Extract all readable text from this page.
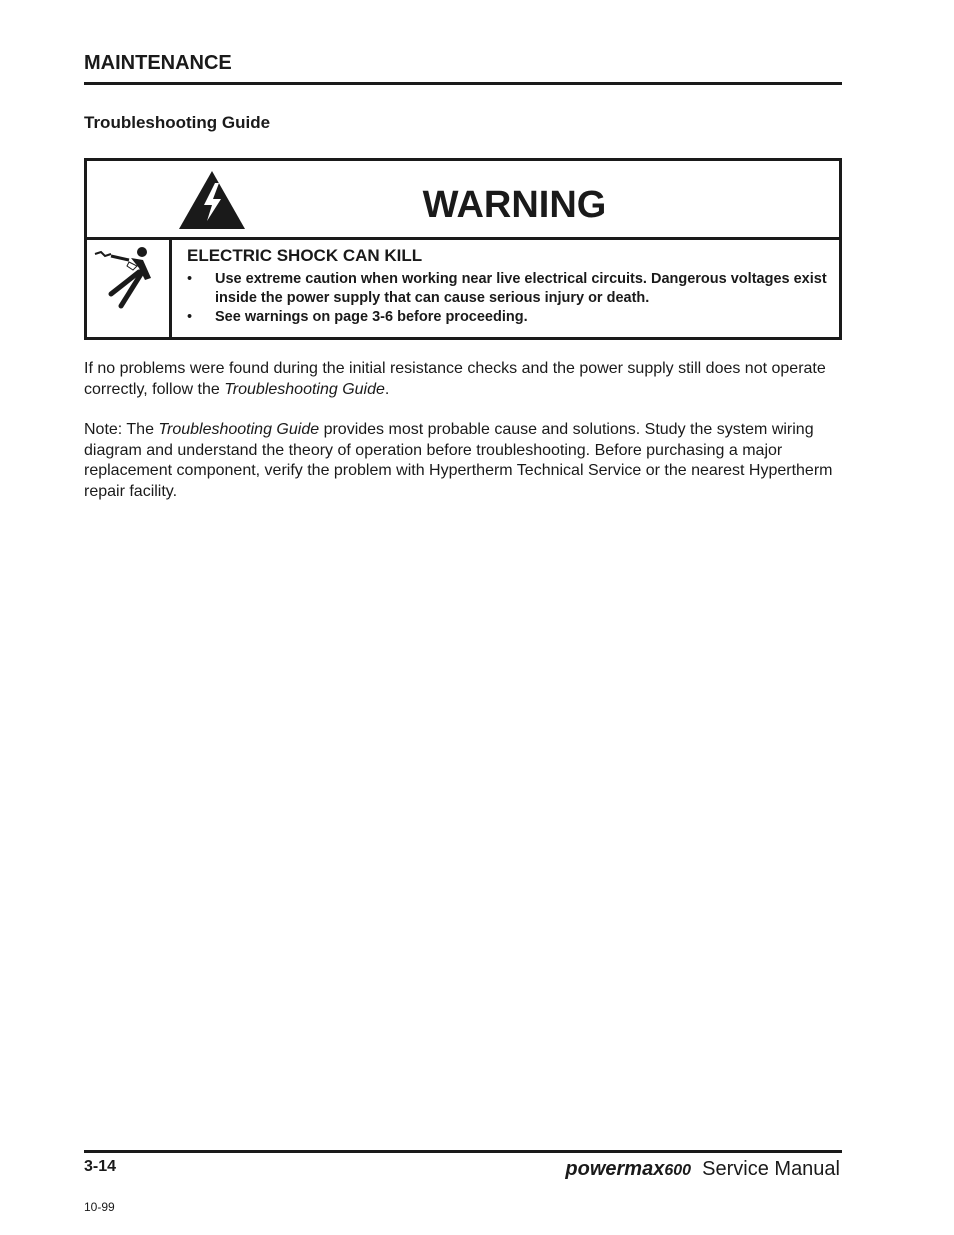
MAINTENANCE
Troubleshooting Guide
WARNING

ELECTRIC SHOCK CAN KILL

• Use extreme caution when working near live electrical circuits. Dangerous voltages exist inside the power supply that can cause serious injury or death.
• See warnings on page 3-6 before proceeding.

If no problems were found during the initial resistance checks and the power supply still does not operate correctly, follow the Troubleshooting Guide.

Note: The Troubleshooting Guide provides most probable cause and solutions. Study the system wiring diagram and understand the theory of operation before troubleshooting. Before purchasing a major replacement component, verify the problem with Hypertherm Technical Service or the nearest Hypertherm repair facility.

3-14	powermax600 Service Manual
10-99
